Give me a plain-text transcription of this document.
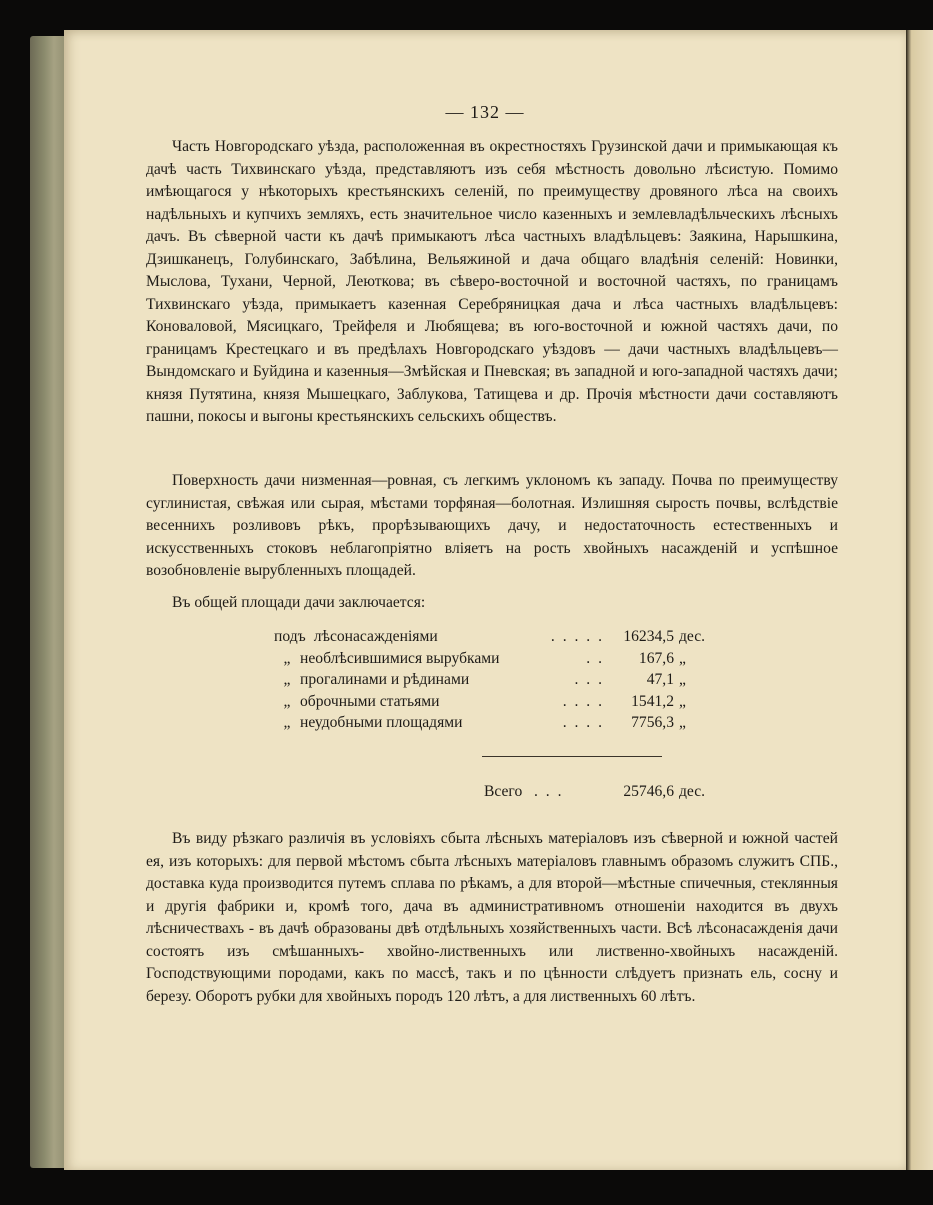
— 132 —

Часть Новгородскаго уѣзда, расположенная въ окрестностяхъ Грузинской дачи и примыкающая къ дачѣ часть Тихвинскаго уѣзда, представляютъ изъ себя мѣстность довольно лѣсистую. Помимо имѣющагося у нѣкоторыхъ крестьянскихъ селеній, по преимуществу дровяного лѣса на своихъ надѣльныхъ и купчихъ земляхъ, есть значительное число казенныхъ и землевладѣльческихъ лѣсныхъ дачъ. Въ сѣверной части къ дачѣ примыкаютъ лѣса частныхъ владѣльцевъ: Заякина, Нарышкина, Дзишканецъ, Голубинскаго, Забѣлина, Вельяжиной и дача общаго владѣнія селеній: Новинки, Мыслова, Тухани, Черной, Леюткова; въ сѣверо-восточной и восточной частяхъ, по границамъ Тихвинскаго уѣзда, примыкаетъ казенная Серебряницкая дача и лѣса частныхъ владѣльцевъ: Коноваловой, Мясицкаго, Трейфеля и Любящева; въ юго-восточной и южной частяхъ дачи, по границамъ Крестецкаго и въ предѣлахъ Новгородскаго уѣздовъ — дачи частныхъ владѣльцевъ—Вындомскаго и Буйдина и казенныя—Змѣйская и Пневская; въ западной и юго-западной частяхъ дачи; князя Путятина, князя Мышецкаго, Заблукова, Татищева и др. Прочія мѣстности дачи составляютъ пашни, покосы и выгоны крестьянскихъ сельскихъ обществъ.

Поверхность дачи низменная—ровная, съ легкимъ уклономъ къ западу. Почва по преимуществу суглинистая, свѣжая или сырая, мѣстами торфяная—болотная. Излишняя сырость почвы, вслѣдствіе весеннихъ розливовъ рѣкъ, прорѣзывающихъ дачу, и недостаточность естественныхъ и искусственныхъ стоковъ неблагопріятно вліяетъ на рость хвойныхъ насажденій и успѣшное возобновленіе вырубленныхъ площадей.

Въ общей площади дачи заключается:

подъ лѣсонасажденіями	. . . . .	16234,5 дес.
„ необлѣсившимися вырубками	. .	167,6 „
„ прогалинами и рѣдинами	. . .	47,1 „
„ оброчными статьями	. . . .	1541,2 „
„ неудобными площадями	. . . .	7756,3 „
Всего . . .	25746,6 дес.

Въ виду рѣзкаго различія въ условіяхъ сбыта лѣсныхъ матеріаловъ изъ сѣверной и южной частей ея, изъ которыхъ: для первой мѣстомъ сбыта лѣсныхъ матеріаловъ главнымъ образомъ служитъ СПБ., доставка куда производится путемъ сплава по рѣкамъ, а для второй—мѣстные спичечныя, стеклянныя и другія фабрики и, кромѣ того, дача въ административномъ отношеніи находится въ двухъ лѣсничествахъ - въ дачѣ образованы двѣ отдѣльныхъ хозяйственныхъ части. Всѣ лѣсонасажденія дачи состоятъ изъ смѣшанныхъ- хвойно-лиственныхъ или лиственно-хвойныхъ насажденій. Господствующими породами, какъ по массѣ, такъ и по цѣнности слѣдуетъ признать ель, сосну и березу. Оборотъ рубки для хвойныхъ породъ 120 лѣтъ, а для лиственныхъ 60 лѣтъ.
